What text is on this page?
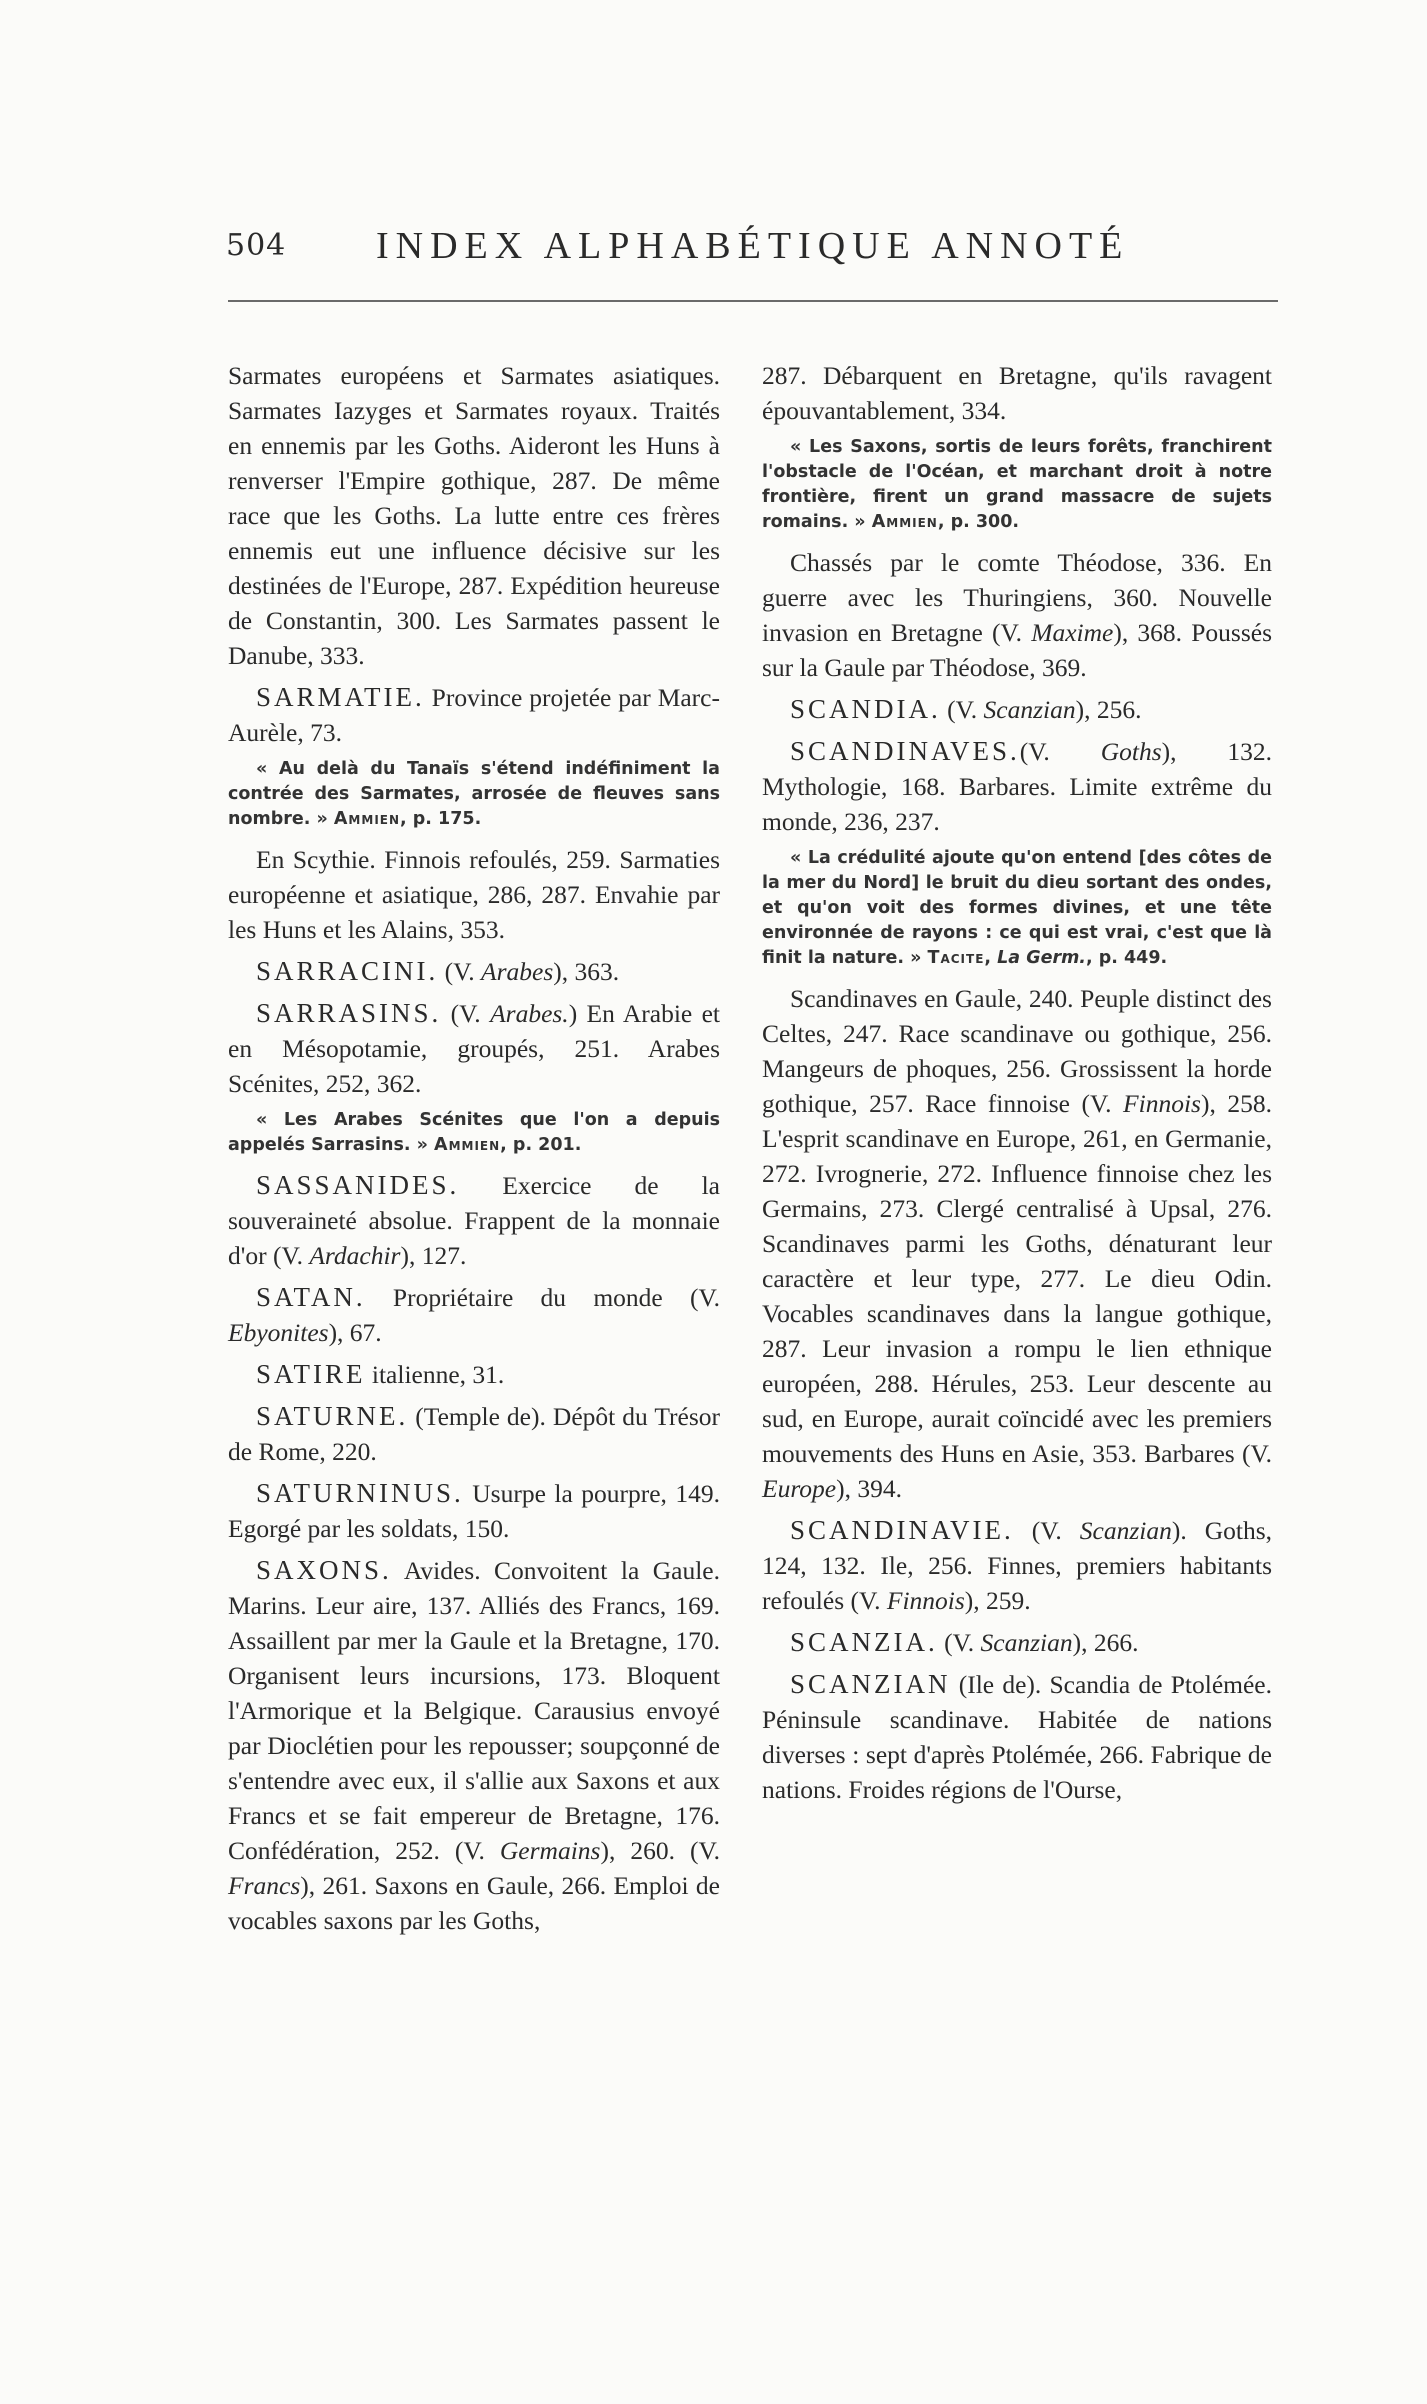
504 INDEX ALPHABÉTIQUE ANNOTÉ

Sarmates européens et Sarmates asiatiques. Sarmates Iazyges et Sarmates royaux. Traités en ennemis par les Goths. Aideront les Huns à renverser l'Empire gothique, 287. De même race que les Goths. La lutte entre ces frères ennemis eut une influence décisive sur les destinées de l'Europe, 287. Expédition heureuse de Constantin, 300. Les Sarmates passent le Danube, 333.

SARMATIE. Province projetée par Marc-Aurèle, 73.

« Au delà du Tanaïs s'étend indéfiniment la contrée des Sarmates, arrosée de fleuves sans nombre. » Ammien, p. 175.

En Scythie. Finnois refoulés, 259. Sarmaties européenne et asiatique, 286, 287. Envahie par les Huns et les Alains, 353.

SARRACINI. (V. Arabes), 363.

SARRASINS. (V. Arabes.) En Arabie et en Mésopotamie, groupés, 251. Arabes Scénites, 252, 362.

« Les Arabes Scénites que l'on a depuis appelés Sarrasins. » Ammien, p. 201.

SASSANIDES. Exercice de la souveraineté absolue. Frappent de la monnaie d'or (V. Ardachir), 127.

SATAN. Propriétaire du monde (V. Ebyonites), 67.

SATIRE italienne, 31.

SATURNE. (Temple de). Dépôt du Trésor de Rome, 220.

SATURNINUS. Usurpe la pourpre, 149. Egorgé par les soldats, 150.

SAXONS. Avides. Convoitent la Gaule. Marins. Leur aire, 137. Alliés des Francs, 169. Assaillent par mer la Gaule et la Bretagne, 170. Organisent leurs incursions, 173. Bloquent l'Armorique et la Belgique. Carausius envoyé par Dioclétien pour les repousser; soupçonné de s'entendre avec eux, il s'allie aux Saxons et aux Francs et se fait empereur de Bretagne, 176. Confédération, 252. (V. Germains), 260. (V. Francs), 261. Saxons en Gaule, 266. Emploi de vocables saxons par les Goths,

287. Débarquent en Bretagne, qu'ils ravagent épouvantablement, 334.

« Les Saxons, sortis de leurs forêts, franchirent l'obstacle de l'Océan, et marchant droit à notre frontière, firent un grand massacre de sujets romains. » Ammien, p. 300.

Chassés par le comte Théodose, 336. En guerre avec les Thuringiens, 360. Nouvelle invasion en Bretagne (V. Maxime), 368. Poussés sur la Gaule par Théodose, 369.

SCANDIA. (V. Scanzian), 256.

SCANDINAVES.(V. Goths), 132. Mythologie, 168. Barbares. Limite extrême du monde, 236, 237.

« La crédulité ajoute qu'on entend [des côtes de la mer du Nord] le bruit du dieu sortant des ondes, et qu'on voit des formes divines, et une tête environnée de rayons : ce qui est vrai, c'est que là finit la nature. » Tacite, La Germ., p. 449.

Scandinaves en Gaule, 240. Peuple distinct des Celtes, 247. Race scandinave ou gothique, 256. Mangeurs de phoques, 256. Grossissent la horde gothique, 257. Race finnoise (V. Finnois), 258. L'esprit scandinave en Europe, 261, en Germanie, 272. Ivrognerie, 272. Influence finnoise chez les Germains, 273. Clergé centralisé à Upsal, 276. Scandinaves parmi les Goths, dénaturant leur caractère et leur type, 277. Le dieu Odin. Vocables scandinaves dans la langue gothique, 287. Leur invasion a rompu le lien ethnique européen, 288. Hérules, 253. Leur descente au sud, en Europe, aurait coïncidé avec les premiers mouvements des Huns en Asie, 353. Barbares (V. Europe), 394.

SCANDINAVIE. (V. Scanzian). Goths, 124, 132. Ile, 256. Finnes, premiers habitants refoulés (V. Finnois), 259.

SCANZIA. (V. Scanzian), 266.

SCANZIAN (Ile de). Scandia de Ptolémée. Péninsule scandinave. Habitée de nations diverses : sept d'après Ptolémée, 266. Fabrique de nations. Froides régions de l'Ourse,
